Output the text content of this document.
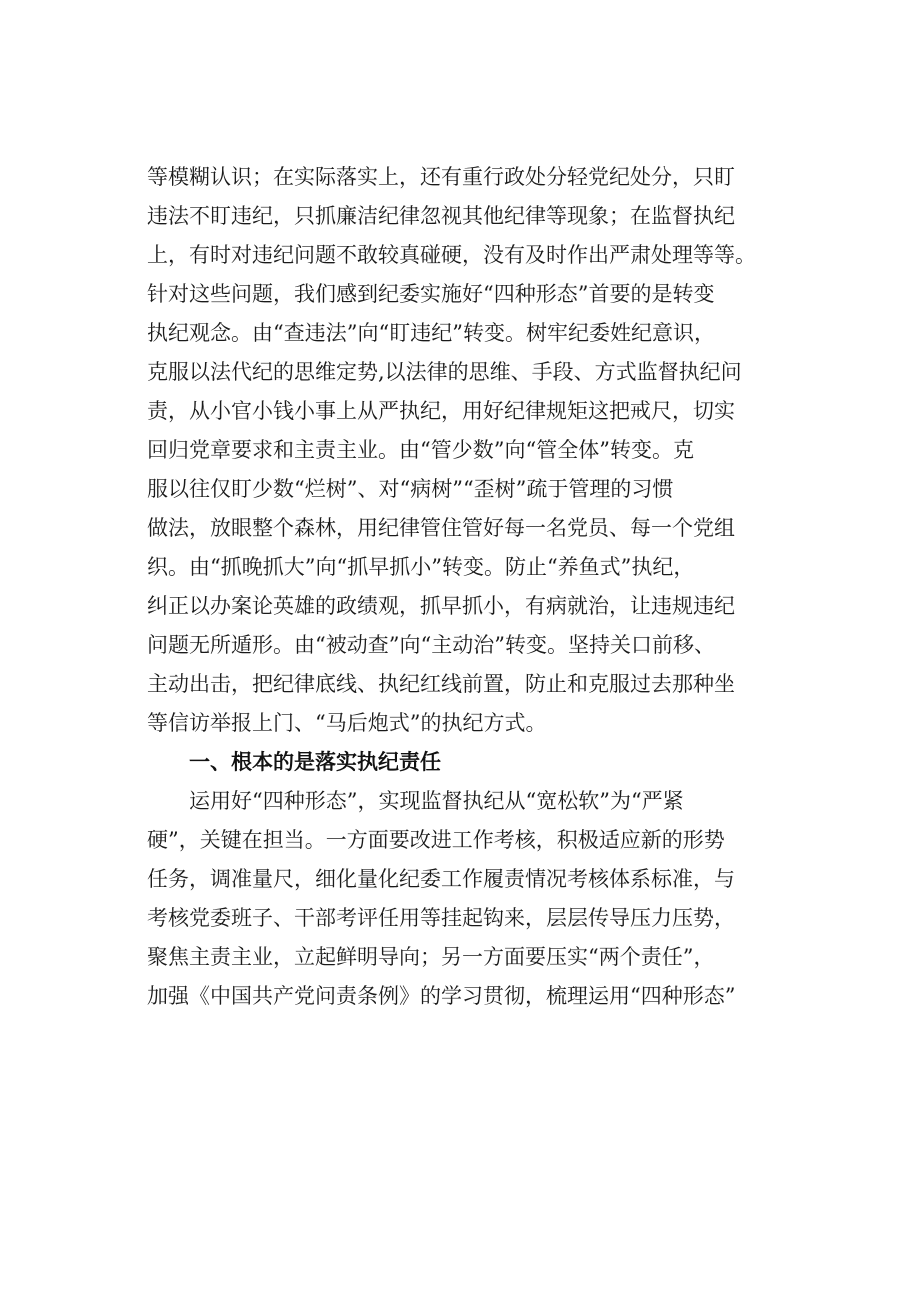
等模糊认识；在实际落实上，还有重行政处分轻党纪处分，只盯
违法不盯违纪，只抓廉洁纪律忽视其他纪律等现象；在监督执纪
上，有时对违纪问题不敢较真碰硬，没有及时作出严肃处理等等。
针对这些问题，我们感到纪委实施好“四种形态”首要的是转变
执纪观念。由“查违法”向“盯违纪”转变。树牢纪委姓纪意识，
克服以法代纪的思维定势,以法律的思维、手段、方式监督执纪问
责，从小官小钱小事上从严执纪，用好纪律规矩这把戒尺，切实
回归党章要求和主责主业。由“管少数”向“管全体”转变。克
服以往仅盯少数“烂树”、对“病树”“歪树”疏于管理的习惯
做法，放眼整个森林，用纪律管住管好每一名党员、每一个党组
织。由“抓晚抓大”向“抓早抓小”转变。防止“养鱼式”执纪，
纠正以办案论英雄的政绩观，抓早抓小，有病就治，让违规违纪
问题无所遁形。由“被动查”向“主动治”转变。坚持关口前移、
主动出击，把纪律底线、执纪红线前置，防止和克服过去那种坐
等信访举报上门、“马后炮式”的执纪方式。
一、根本的是落实执纪责任
运用好“四种形态”，实现监督执纪从“宽松软”为“严紧
硬”，关键在担当。一方面要改进工作考核，积极适应新的形势
任务，调准量尺，细化量化纪委工作履责情况考核体系标准，与
考核党委班子、干部考评任用等挂起钩来，层层传导压力压势，
聚焦主责主业，立起鲜明导向；另一方面要压实“两个责任”，
加强《中国共产党问责条例》的学习贯彻，梳理运用“四种形态”
